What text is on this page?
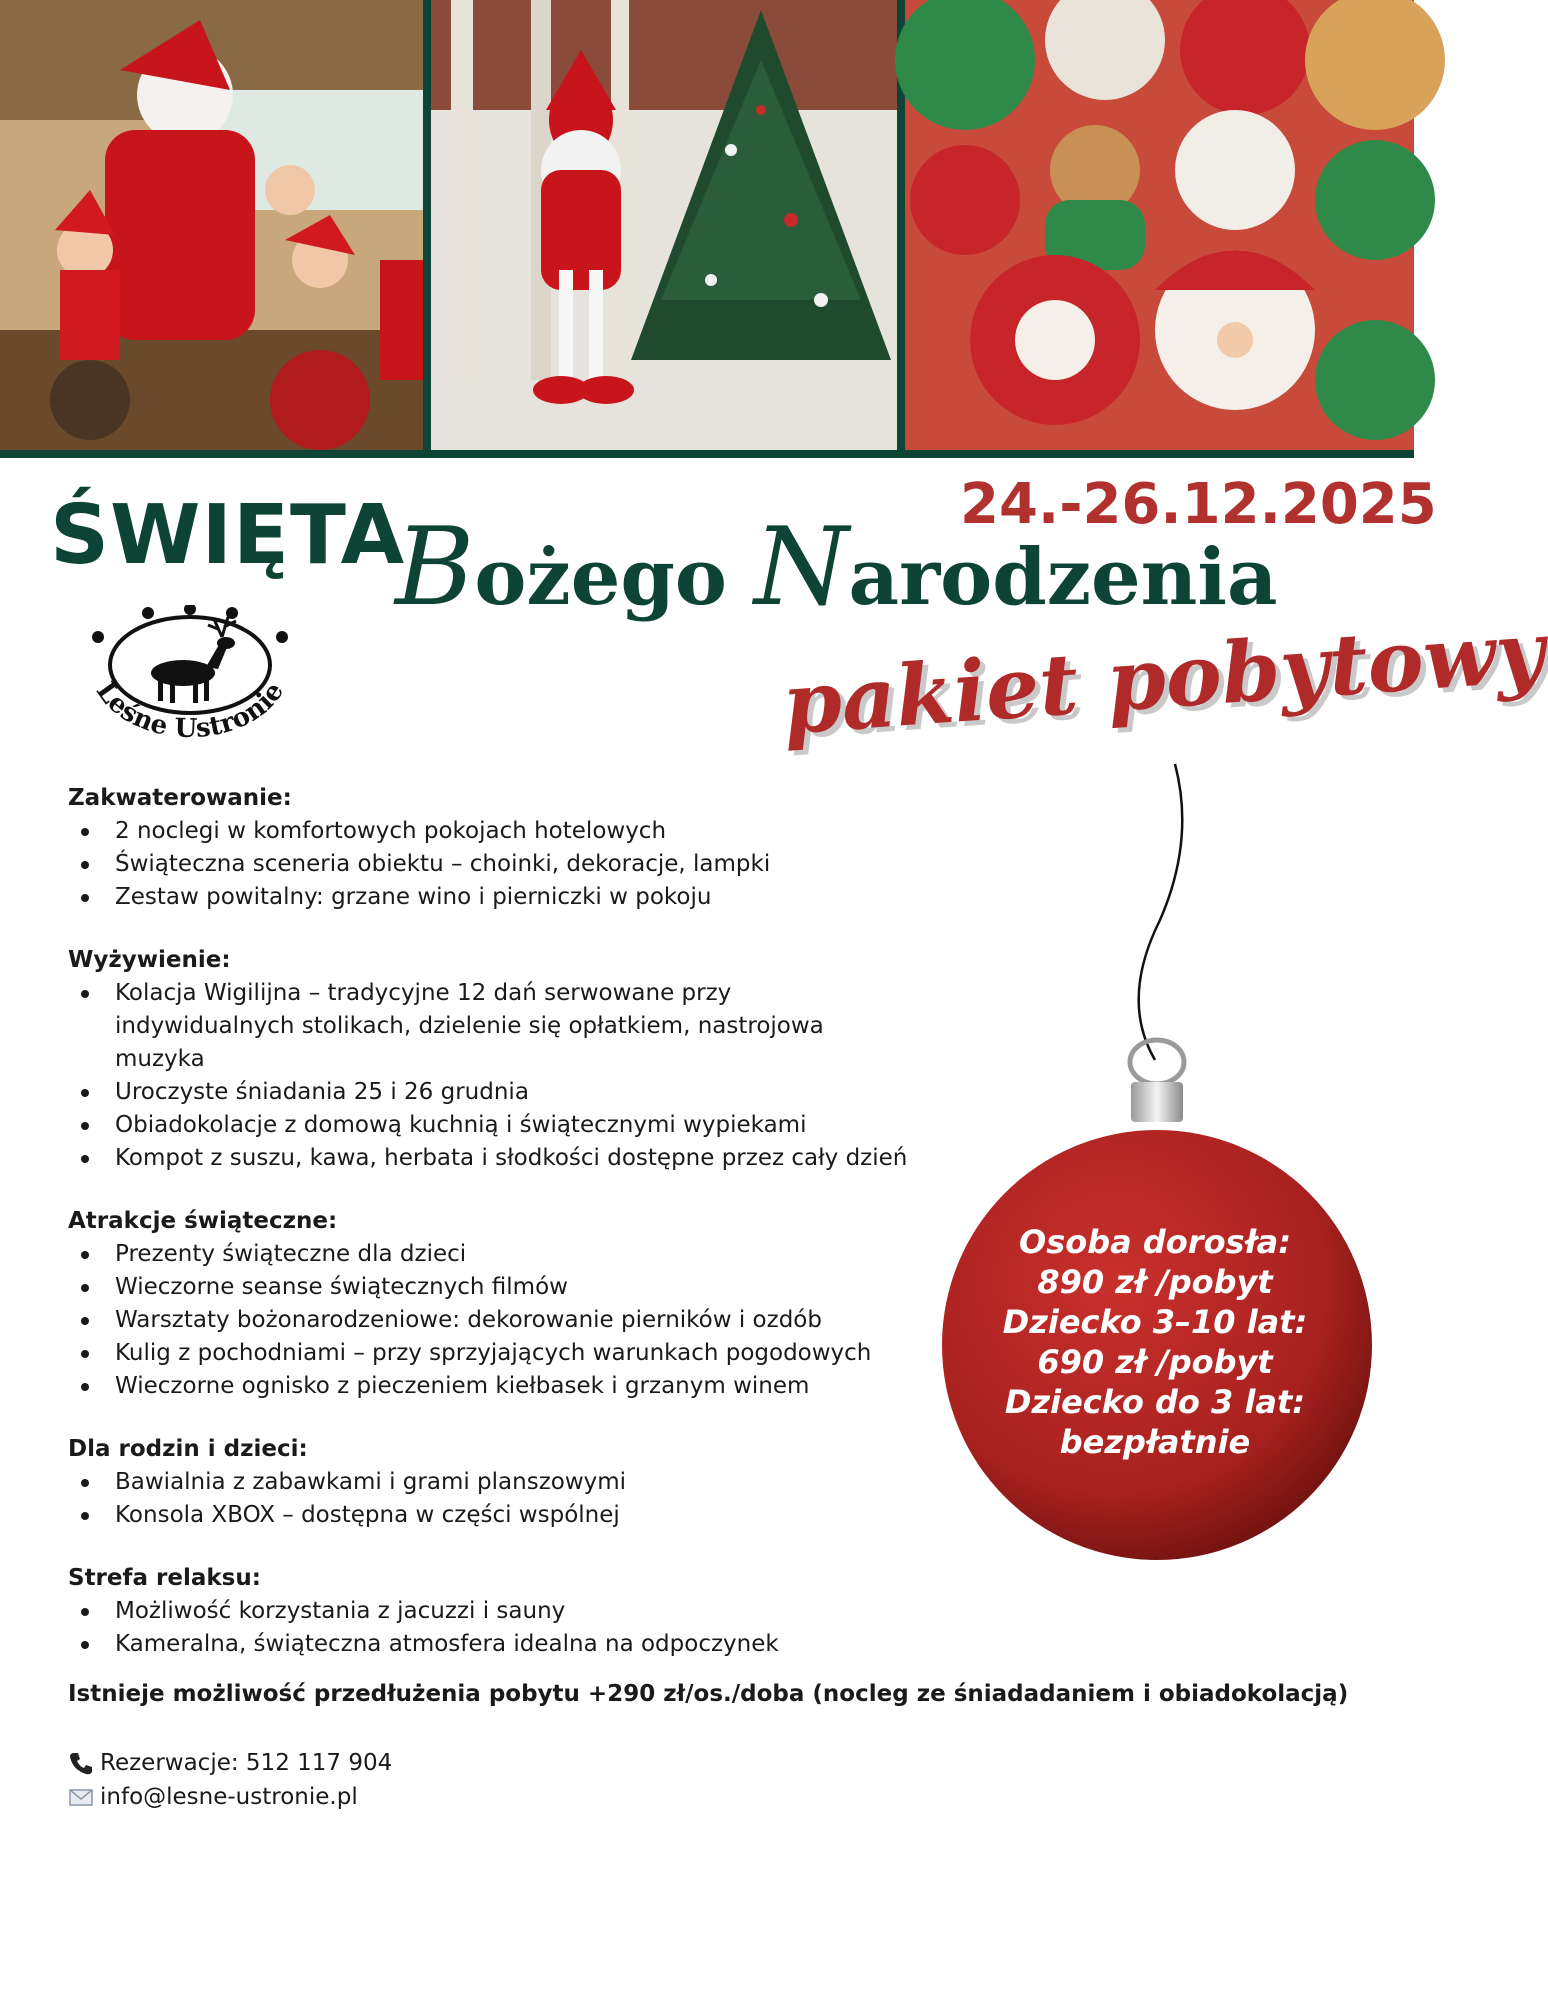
ŚWIĘTA
Bożego Narodzenia
24.-26.12.2025
pakiet pobytowy
Leśne Ustronie
Zakwaterowanie:
2 noclegi w komfortowych pokojach hotelowych
Świąteczna sceneria obiektu – choinki, dekoracje, lampki
Zestaw powitalny: grzane wino i pierniczki w pokoju
Wyżywienie:
Kolacja Wigilijna – tradycyjne 12 dań serwowane przy indywidualnych stolikach, dzielenie się opłatkiem, nastrojowa muzyka
Uroczyste śniadania 25 i 26 grudnia
Obiadokolacje z domową kuchnią i świątecznymi wypiekami
Kompot z suszu, kawa, herbata i słodkości dostępne przez cały dzień
Atrakcje świąteczne:
Prezenty świąteczne dla dzieci
Wieczorne seanse świątecznych filmów
Warsztaty bożonarodzeniowe: dekorowanie pierników i ozdób
Kulig z pochodniami – przy sprzyjających warunkach pogodowych
Wieczorne ognisko z pieczeniem kiełbasek i grzanym winem
Dla rodzin i dzieci:
Bawialnia z zabawkami i grami planszowymi
Konsola XBOX – dostępna w części wspólnej
Strefa relaksu:
Możliwość korzystania z jacuzzi i sauny
Kameralna, świąteczna atmosfera idealna na odpoczynek

Istnieje możliwość przedłużenia pobytu +290 zł/os./doba (nocleg ze śniadadaniem i obiadokolacją)

Rezerwacje: 512 117 904
info@lesne-ustronie.pl
Osoba dorosła:
890 zł /pobyt
Dziecko 3–10 lat:
690 zł /pobyt
Dziecko do 3 lat:
bezpłatnie
